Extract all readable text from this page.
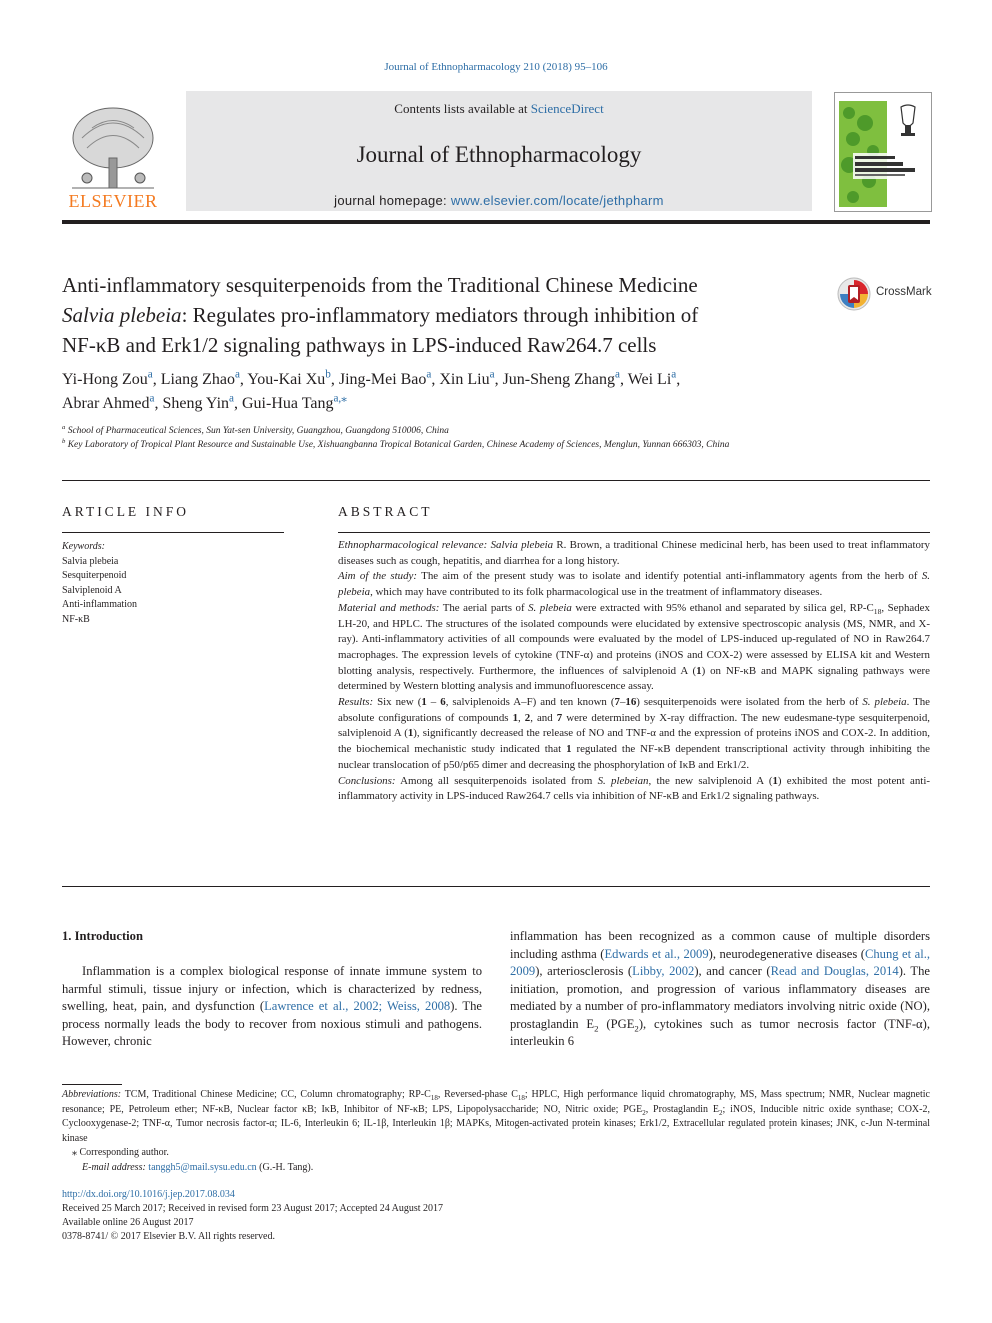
Journal of Ethnopharmacology 210 (2018) 95–106
Contents lists available at ScienceDirect
Journal of Ethnopharmacology
journal homepage: www.elsevier.com/locate/jethpharm
ELSEVIER
Anti-inflammatory sesquiterpenoids from the Traditional Chinese Medicine
Salvia plebeia: Regulates pro-inflammatory mediators through inhibition of
NF-κB and Erk1/2 signaling pathways in LPS-induced Raw264.7 cells
CrossMark
Yi-Hong Zou$^a$, Liang Zhao$^a$, You-Kai Xu$^b$, Jing-Mei Bao$^a$, Xin Liu$^a$, Jun-Sheng Zhang$^a$, Wei Li$^a$,
Abrar Ahmed$^a$, Sheng Yin$^a$, Gui-Hua Tang$^{a,⁎}$
$^a$ School of Pharmaceutical Sciences, Sun Yat-sen University, Guangzhou, Guangdong 510006, China
$^b$ Key Laboratory of Tropical Plant Resource and Sustainable Use, Xishuangbanna Tropical Botanical Garden, Chinese Academy of Sciences, Menglun, Yunnan 666303, China
ARTICLE INFO
Keywords:
Salvia plebeia
Sesquiterpenoid
Salviplenoid A
Anti-inflammation
NF-κB
ABSTRACT

Ethnopharmacological relevance: Salvia plebeia R. Brown, a traditional Chinese medicinal herb, has been used to treat inflammatory diseases such as cough, hepatitis, and diarrhea for a long history.

Aim of the study: The aim of the present study was to isolate and identify potential anti-inflammatory agents from the herb of S. plebeia, which may have contributed to its folk pharmacological use in the treatment of inflammatory diseases.

Material and methods: The aerial parts of S. plebeia were extracted with 95% ethanol and separated by silica gel, $RP-C_{18}$, Sephadex LH-20, and HPLC. The structures of the isolated compounds were elucidated by extensive spectroscopic analysis (MS, NMR, and X-ray). Anti-inflammatory activities of all compounds were evaluated by the model of LPS-induced up-regulated of NO in Raw264.7 macrophages. The expression levels of cytokine (TNF-α) and proteins (iNOS and COX-2) were assessed by ELISA kit and Western blotting analysis, respectively. Furthermore, the influences of salviplenoid A (1) on NF-κB and MAPK signaling pathways were determined by Western blotting analysis and immunofluorescence assay.

Results: Six new (1 – 6, salviplenoids A–F) and ten known (7–16) sesquiterpenoids were isolated from the herb of S. plebeia. The absolute configurations of compounds 1, 2, and 7 were determined by X-ray diffraction. The new eudesmane-type sesquiterpenoid, salviplenoid A (1), significantly decreased the release of NO and TNF-α and the expression of proteins iNOS and COX-2. In addition, the biochemical mechanistic study indicated that 1 regulated the NF-κB dependent transcriptional activity through inhibiting the nuclear translocation of p50/p65 dimer and decreasing the phosphorylation of IκB and Erk1/2.

Conclusions: Among all sesquiterpenoids isolated from S. plebeian, the new salviplenoid A (1) exhibited the most potent anti-inflammatory activity in LPS-induced Raw264.7 cells via inhibition of NF-κB and Erk1/2 signaling pathways.

1. Introduction

Inflammation is a complex biological response of innate immune system to harmful stimuli, tissue injury or infection, which is characterized by redness, swelling, heat, pain, and dysfunction (Lawrence et al., 2002; Weiss, 2008). The process normally leads the body to recover from noxious stimuli and pathogens. However, chronic

inflammation has been recognized as a common cause of multiple disorders including asthma (Edwards et al., 2009), neurodegenerative diseases (Chung et al., 2009), arteriosclerosis (Libby, 2002), and cancer (Read and Douglas, 2014). The initiation, promotion, and progression of various inflammatory diseases are mediated by a number of pro-inflammatory mediators involving nitric oxide (NO), prostaglandin $E_2$ $(PGE_2)$, cytokines such as tumor necrosis factor (TNF-α), interleukin 6

Abbreviations: TCM, Traditional Chinese Medicine; CC, Column chromatography; $RP-C_{18}$, Reversed-phase $C_{18}$; HPLC, High performance liquid chromatography, MS, Mass spectrum; NMR, Nuclear magnetic resonance; PE, Petroleum ether; NF-κB, Nuclear factor κB; IκB, Inhibitor of NF-κB; LPS, Lipopolysaccharide; NO, Nitric oxide; $PGE_2$, Prostaglandin $E_2$; iNOS, Inducible nitric oxide synthase; COX-2, Cyclooxygenase-2; TNF-α, Tumor necrosis factor-α; IL-6, Interleukin 6; IL-1β, Interleukin 1β; MAPKs, Mitogen-activated protein kinases; Erk1/2, Extracellular regulated protein kinases; JNK, c-Jun N-terminal kinase

⁎ Corresponding author.

E-mail address: tanggh5@mail.sysu.edu.cn (G.-H. Tang).

http://dx.doi.org/10.1016/j.jep.2017.08.034

Received 25 March 2017; Received in revised form 23 August 2017; Accepted 24 August 2017

Available online 26 August 2017

0378-8741/ © 2017 Elsevier B.V. All rights reserved.
